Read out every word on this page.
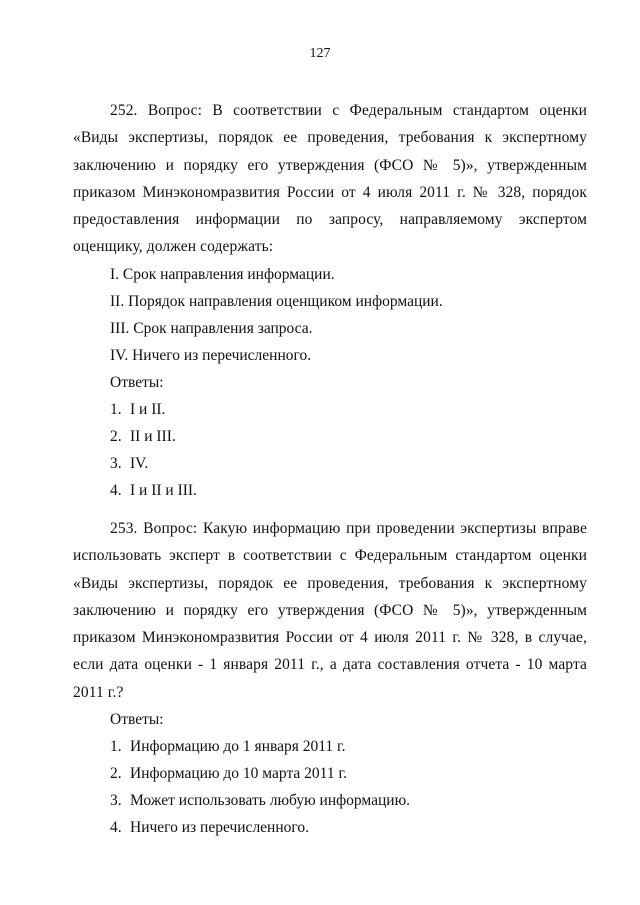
127

252. Вопрос: В соответствии с Федеральным стандартом оценки «Виды экспертизы, порядок ее проведения, требования к экспертному заключению и порядку его утверждения (ФСО № 5)», утвержденным приказом Минэкономразвития России от 4 июля 2011 г. № 328, порядок предоставления информации по запросу, направляемому экспертом оценщику, должен содержать:

I. Срок направления информации.
II. Порядок направления оценщиком информации.
III. Срок направления запроса.
IV. Ничего из перечисленного.
Ответы:
1. I и II.
2. II и III.
3. IV.
4. I и II и III.

253. Вопрос: Какую информацию при проведении экспертизы вправе использовать эксперт в соответствии с Федеральным стандартом оценки «Виды экспертизы, порядок ее проведения, требования к экспертному заключению и порядку его утверждения (ФСО № 5)», утвержденным приказом Минэкономразвития России от 4 июля 2011 г. № 328, в случае, если дата оценки - 1 января 2011 г., а дата составления отчета - 10 марта 2011 г.?

Ответы:
1. Информацию до 1 января 2011 г.
2. Информацию до 10 марта 2011 г.
3. Может использовать любую информацию.
4. Ничего из перечисленного.
